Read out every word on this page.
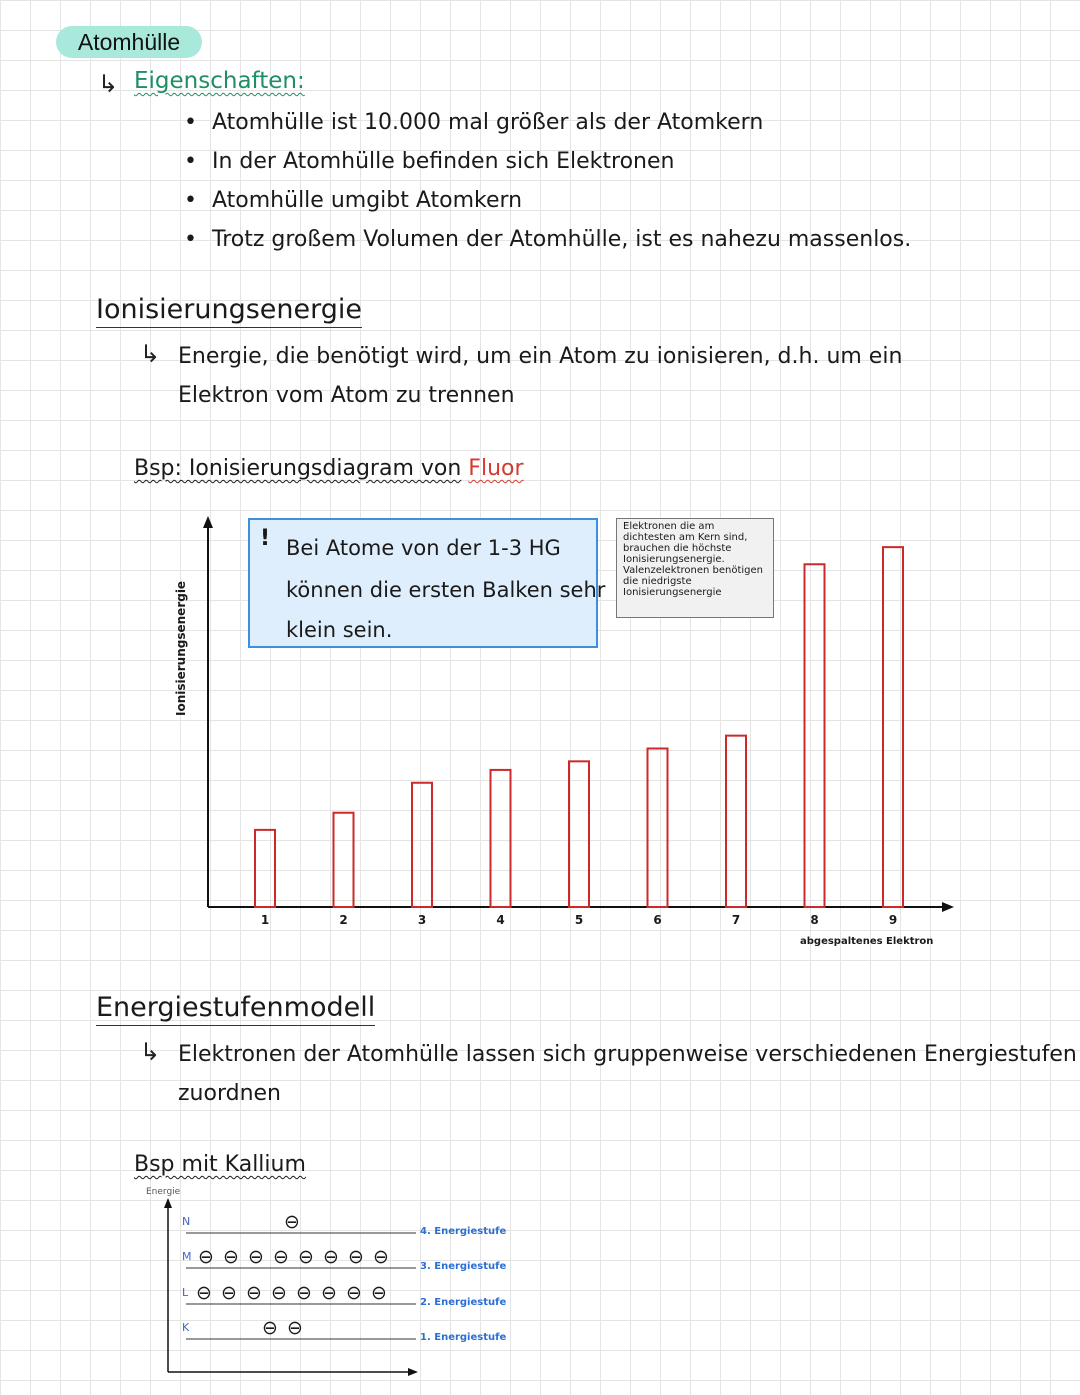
Atomhülle
↳ Eigenschaften:
• Atomhülle ist 10.000 mal größer als der Atomkern
• In der Atomhülle befinden sich Elektronen
• Atomhülle umgibt Atomkern
• Trotz großem Volumen der Atomhülle, ist es nahezu massenlos.
Ionisierungsenergie
↳ Energie, die benötigt wird, um ein Atom zu ionisieren, d.h. um ein
Elektron vom Atom zu trennen
Bsp: Ionisierungsdiagram von Fluor
Ionisierungsenergie
abgespaltenes Elektron
1	2	3	4	5	6	7	8	9
! Bei Atome von der 1-3 HG
können die ersten Balken sehr
klein sein.
Elektronen die am dichtesten am Kern sind, brauchen die höchste Ionisierungsenergie. Valenzelektronen benötigen die niedrigste Ionisierungsenergie
Energiestufenmodell
↳ Elektronen der Atomhülle lassen sich gruppenweise verschiedenen Energiestufen
zuordnen
Bsp mit Kallium
Energie
N
4. Energiestufe
⊖
M
3. Energiestufe
⊖ ⊖ ⊖ ⊖ ⊖ ⊖ ⊖ ⊖
L
2. Energiestufe
⊖ ⊖ ⊖ ⊖ ⊖ ⊖ ⊖ ⊖
K
1. Energiestufe
⊖ ⊖
